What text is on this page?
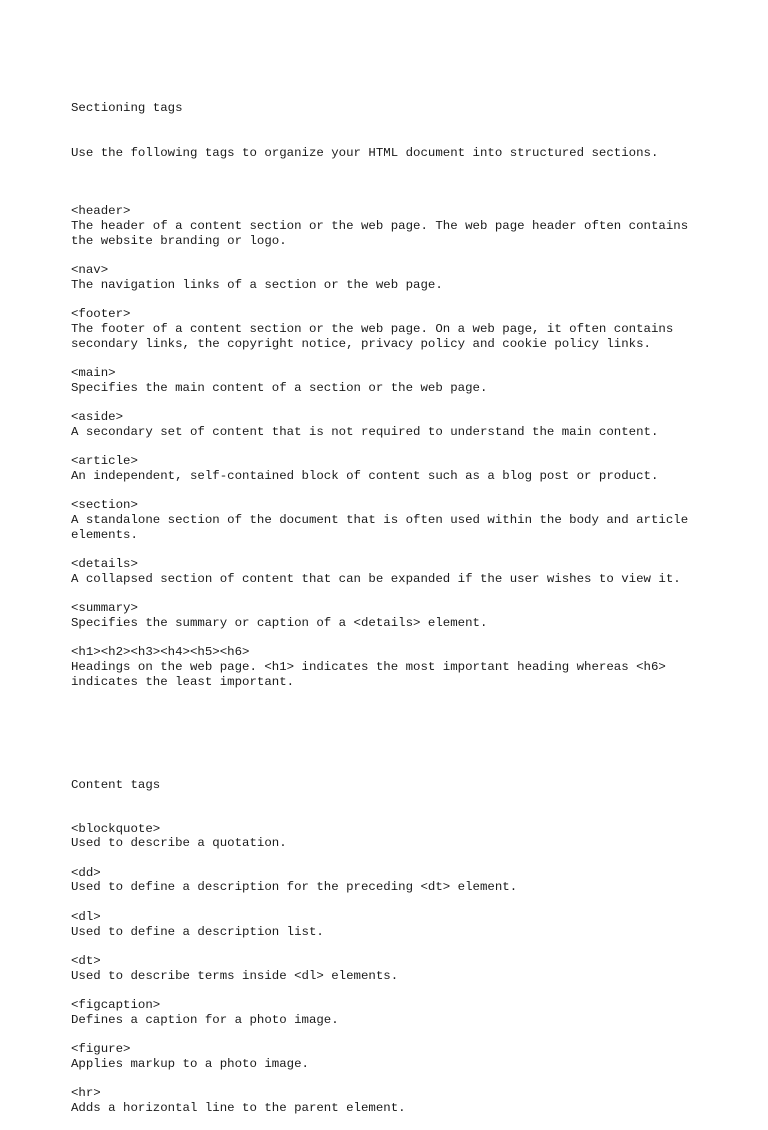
Sectioning tags

Use the following tags to organize your HTML document into structured sections.

<header>
The header of a content section or the web page. The web page header often contains
the website branding or logo.
<nav>
The navigation links of a section or the web page.
<footer>
The footer of a content section or the web page. On a web page, it often contains
secondary links, the copyright notice, privacy policy and cookie policy links.
<main>
Specifies the main content of a section or the web page.
<aside>
A secondary set of content that is not required to understand the main content.
<article>
An independent, self-contained block of content such as a blog post or product.
<section>
A standalone section of the document that is often used within the body and article
elements.
<details>
A collapsed section of content that can be expanded if the user wishes to view it.
<summary>
Specifies the summary or caption of a <details> element.
<h1><h2><h3><h4><h5><h6>
Headings on the web page. <h1> indicates the most important heading whereas <h6>
indicates the least important.

Content tags

<blockquote>
Used to describe a quotation.
<dd>
Used to define a description for the preceding <dt> element.
<dl>
Used to define a description list.
<dt>
Used to describe terms inside <dl> elements.
<figcaption>
Defines a caption for a photo image.
<figure>
Applies markup to a photo image.
<hr>
Adds a horizontal line to the parent element.
